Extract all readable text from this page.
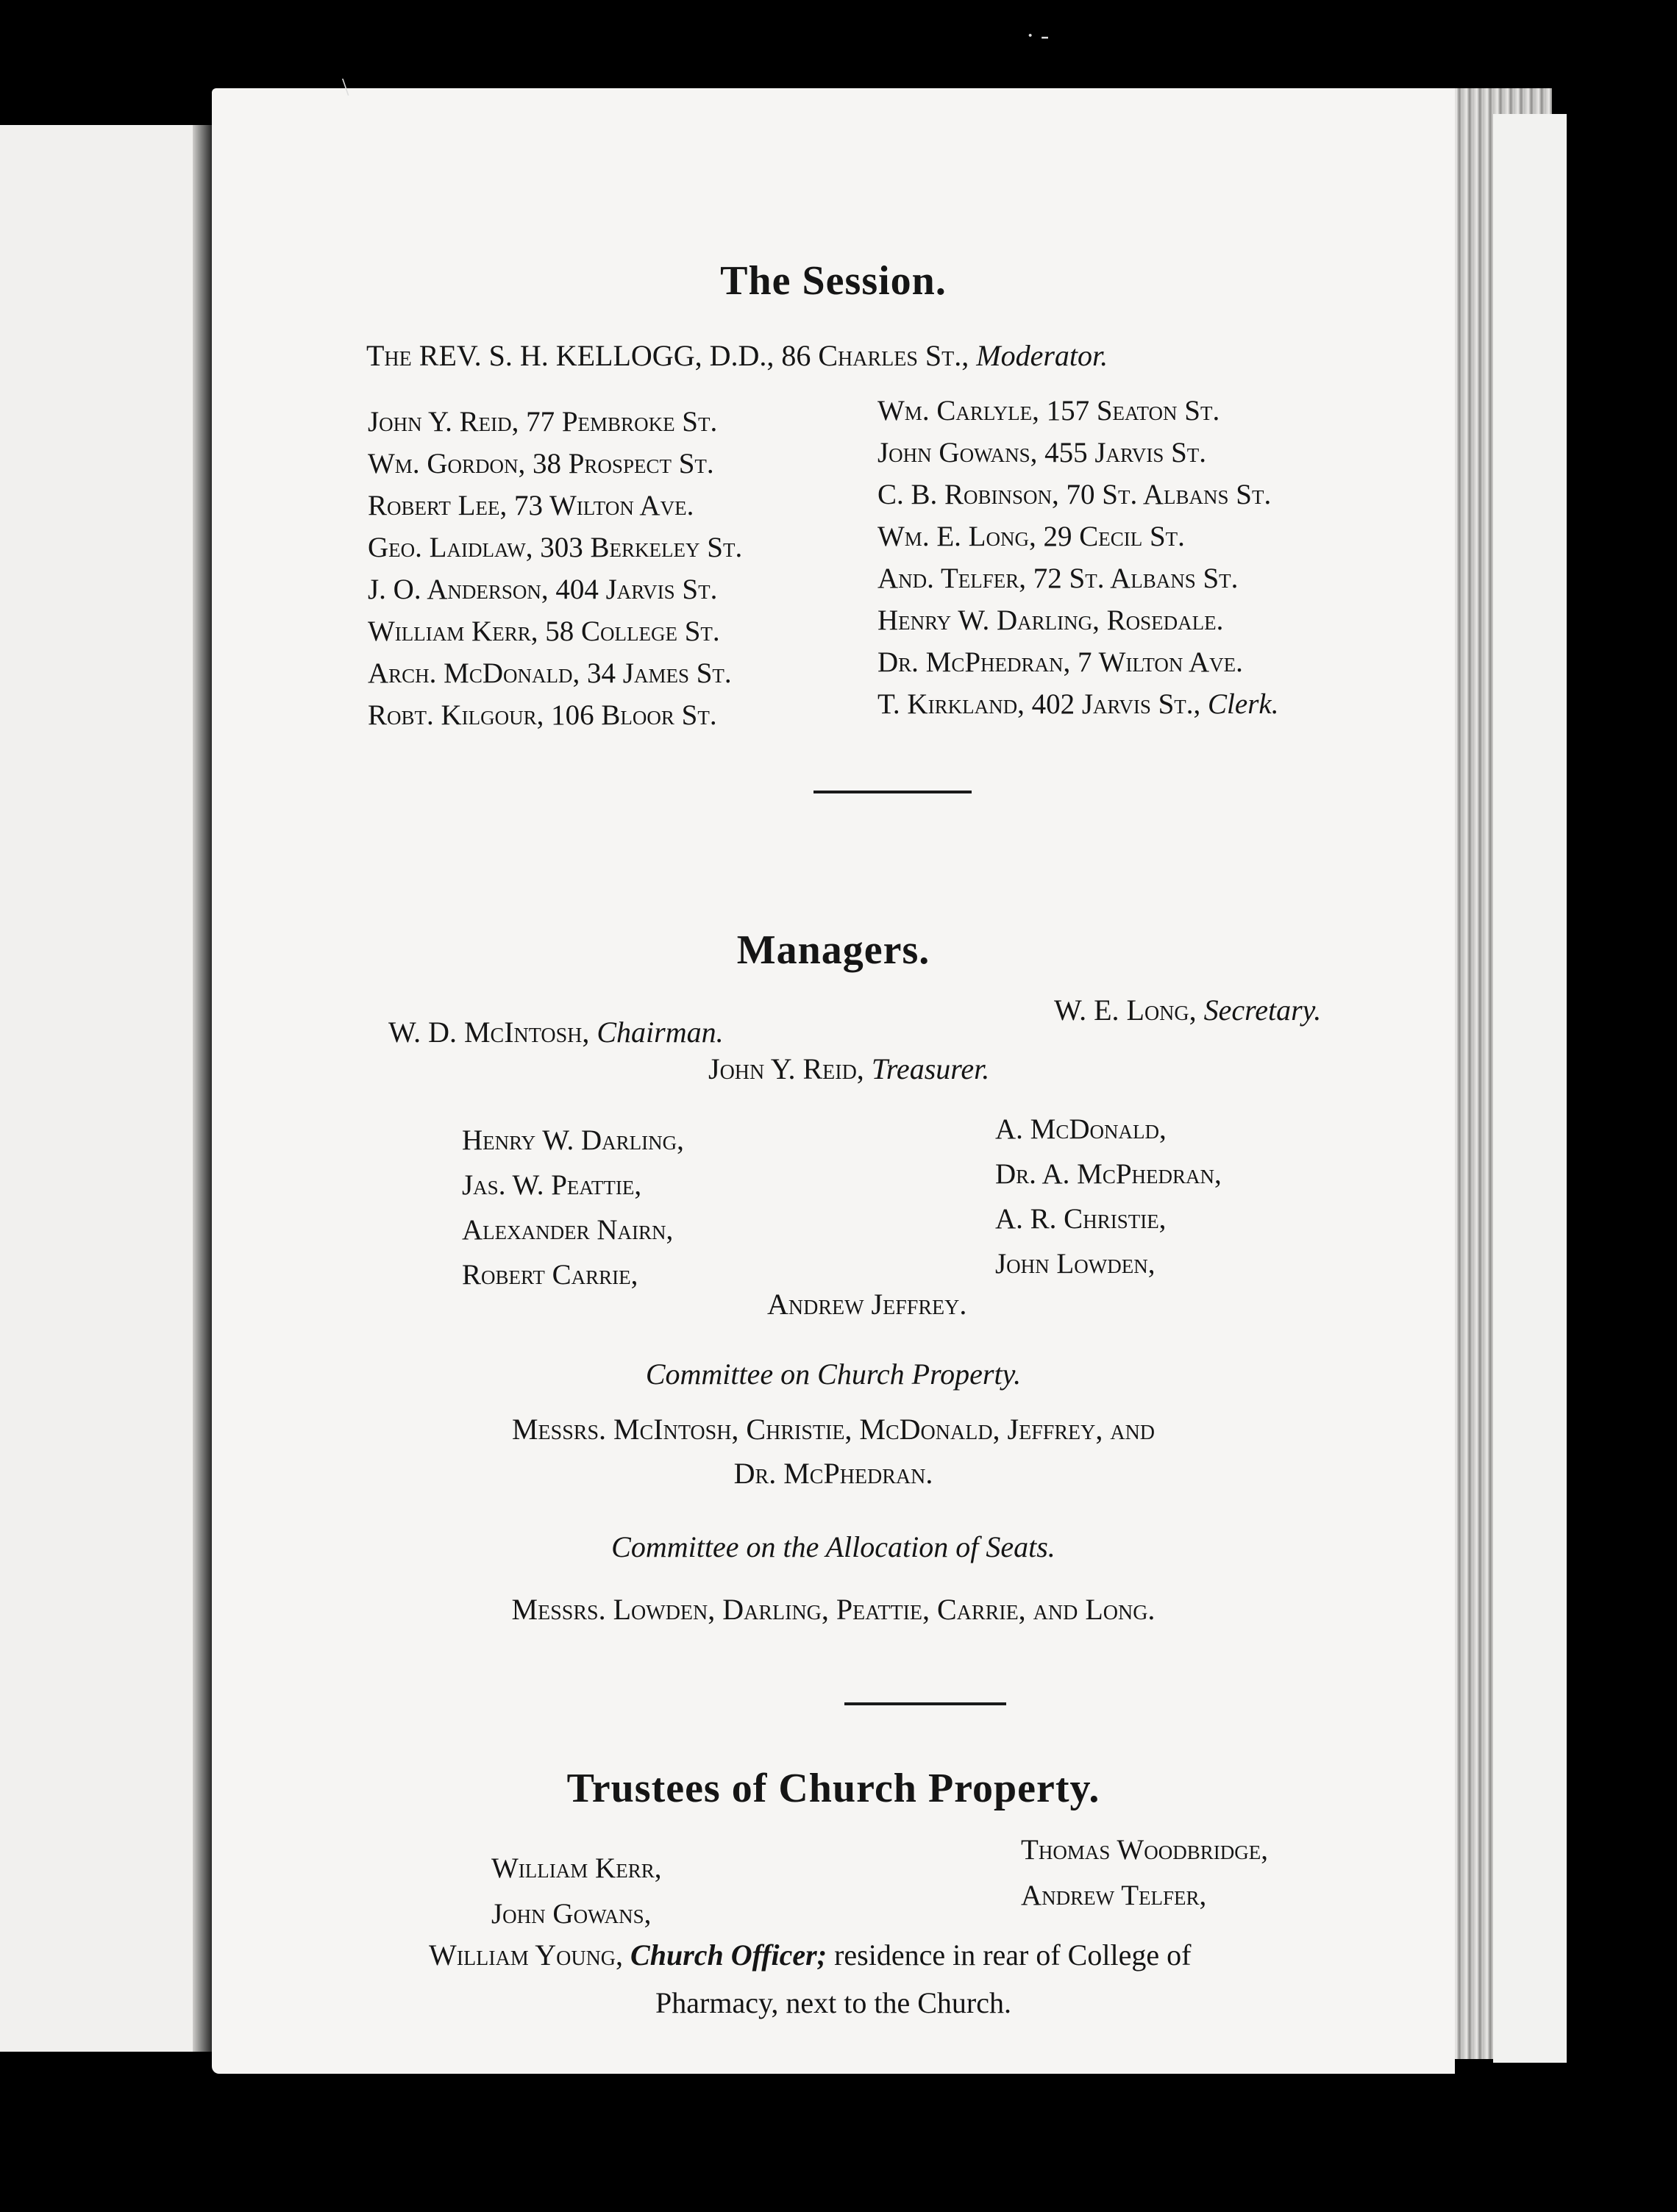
\
· -
The Session.
The REV. S. H. KELLOGG, D.D., 86 Charles St., Moderator.
John Y. Reid, 77 Pembroke St.
Wm. Gordon, 38 Prospect St.
Robert Lee, 73 Wilton Ave.
Geo. Laidlaw, 303 Berkeley St.
J. O. Anderson, 404 Jarvis St.
William Kerr, 58 College St.
Arch. McDonald, 34 James St.
Robt. Kilgour, 106 Bloor St.
Wm. Carlyle, 157 Seaton St.
John Gowans, 455 Jarvis St.
C. B. Robinson, 70 St. Albans St.
Wm. E. Long, 29 Cecil St.
And. Telfer, 72 St. Albans St.
Henry W. Darling, Rosedale.
Dr. McPhedran, 7 Wilton Ave.
T. Kirkland, 402 Jarvis St., Clerk.
Managers.
W. D. McIntosh, Chairman.
W. E. Long, Secretary.
John Y. Reid, Treasurer.
Henry W. Darling,
Jas. W. Peattie,
Alexander Nairn,
Robert Carrie,
A. McDonald,
Dr. A. McPhedran,
A. R. Christie,
John Lowden,
Andrew Jeffrey.
Committee on Church Property.
Messrs. McIntosh, Christie, McDonald, Jeffrey, and
Dr. McPhedran.
Committee on the Allocation of Seats.
Messrs. Lowden, Darling, Peattie, Carrie, and Long.
Trustees of Church Property.
William Kerr,
John Gowans,
Thomas Woodbridge,
Andrew Telfer,
William Young, Church Officer; residence in rear of College of
Pharmacy, next to the Church.
